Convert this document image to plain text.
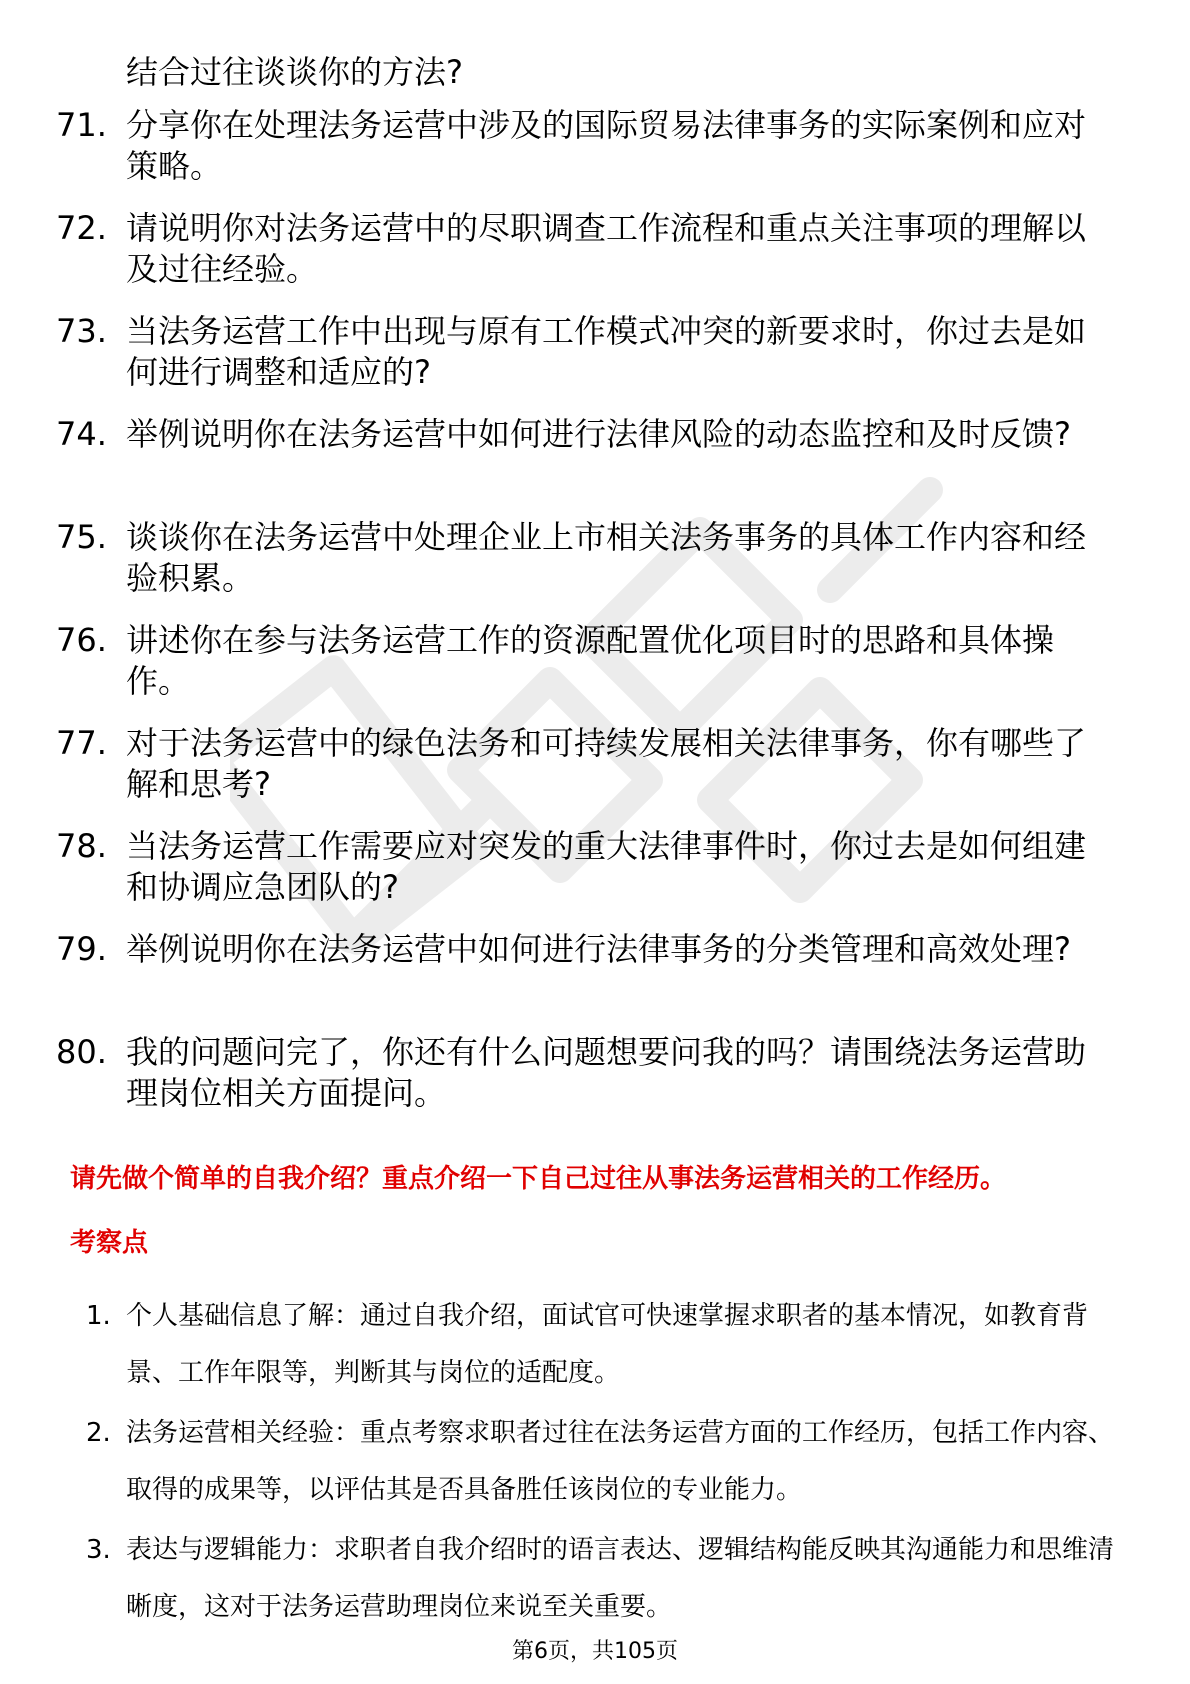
结合过往谈谈你的方法?
71. 分享你在处理法务运营中涉及的国际贸易法律事务的实际案例和应对策略。
72. 请说明你对法务运营中的尽职调查工作流程和重点关注事项的理解以及过往经验。
73. 当法务运营工作中出现与原有工作模式冲突的新要求时，你过去是如何进行调整和适应的?
74. 举例说明你在法务运营中如何进行法律风险的动态监控和及时反馈?
75. 谈谈你在法务运营中处理企业上市相关法务事务的具体工作内容和经验积累。
76. 讲述你在参与法务运营工作的资源配置优化项目时的思路和具体操作。
77. 对于法务运营中的绿色法务和可持续发展相关法律事务，你有哪些了解和思考?
78. 当法务运营工作需要应对突发的重大法律事件时，你过去是如何组建和协调应急团队的?
79. 举例说明你在法务运营中如何进行法律事务的分类管理和高效处理?
80. 我的问题问完了，你还有什么问题想要问我的吗？请围绕法务运营助理岗位相关方面提问。
请先做个简单的自我介绍？重点介绍一下自己过往从事法务运营相关的工作经历。
考察点
1. 个人基础信息了解：通过自我介绍，面试官可快速掌握求职者的基本情况，如教育背景、工作年限等，判断其与岗位的适配度。
2. 法务运营相关经验：重点考察求职者过往在法务运营方面的工作经历，包括工作内容、取得的成果等，以评估其是否具备胜任该岗位的专业能力。
3. 表达与逻辑能力：求职者自我介绍时的语言表达、逻辑结构能反映其沟通能力和思维清晰度，这对于法务运营助理岗位来说至关重要。
第6页，共105页
